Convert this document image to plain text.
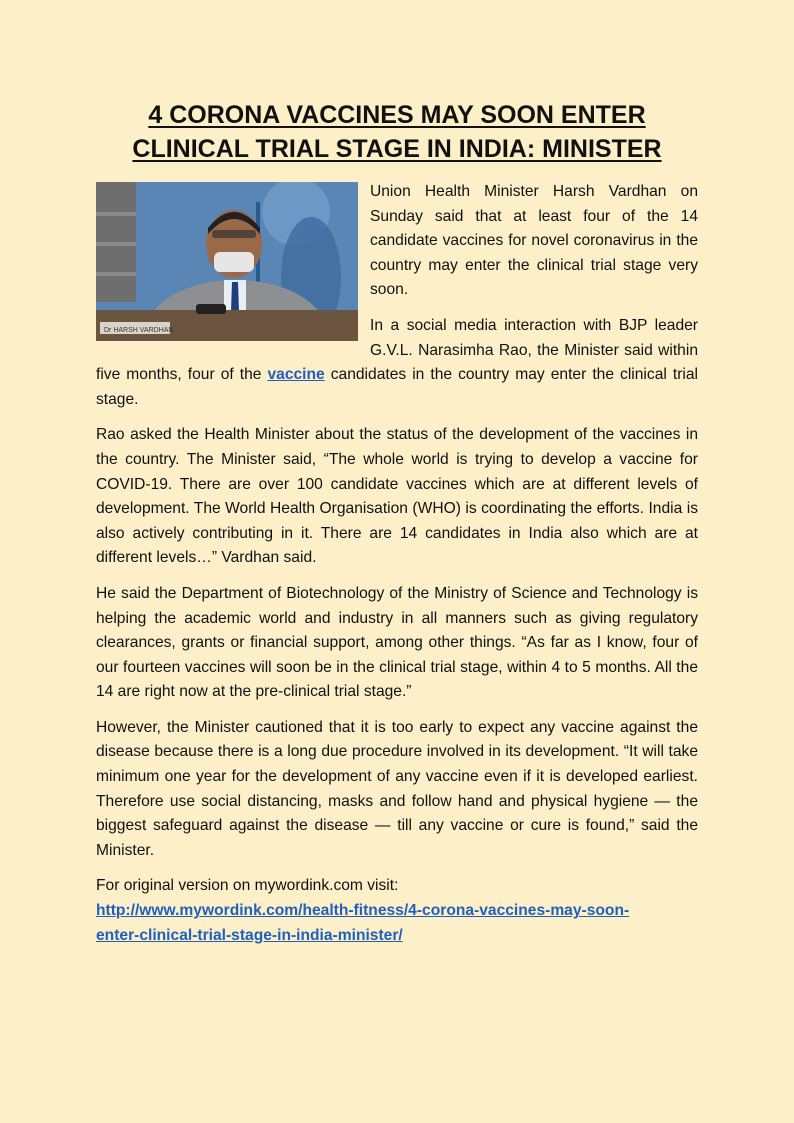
4 CORONA VACCINES MAY SOON ENTER
CLINICAL TRIAL STAGE IN INDIA: MINISTER
Dr HARSH VARDHAN

Union Health Minister Harsh Vardhan on Sunday said that at least four of the 14 candidate vaccines for novel coronavirus in the country may enter the clinical trial stage very soon.

In a social media interaction with BJP leader G.V.L. Narasimha Rao, the Minister said within five months, four of the vaccine candidates in the country may enter the clinical trial stage.

Rao asked the Health Minister about the status of the development of the vaccines in the country. The Minister said, “The whole world is trying to develop a vaccine for COVID-19. There are over 100 candidate vaccines which are at different levels of development. The World Health Organisation (WHO) is coordinating the efforts. India is also actively contributing in it. There are 14 candidates in India also which are at different levels…” Vardhan said.

He said the Department of Biotechnology of the Ministry of Science and Technology is helping the academic world and industry in all manners such as giving regulatory clearances, grants or financial support, among other things. “As far as I know, four of our fourteen vaccines will soon be in the clinical trial stage, within 4 to 5 months. All the 14 are right now at the pre-clinical trial stage.”

However, the Minister cautioned that it is too early to expect any vaccine against the disease because there is a long due procedure involved in its development. “It will take minimum one year for the development of any vaccine even if it is developed earliest. Therefore use social distancing, masks and follow hand and physical hygiene — the biggest safeguard against the disease — till any vaccine or cure is found,” said the Minister.

For original version on mywordink.com visit:

http://www.mywordink.com/health-fitness/4-corona-vaccines-may-soon-
enter-clinical-trial-stage-in-india-minister/
